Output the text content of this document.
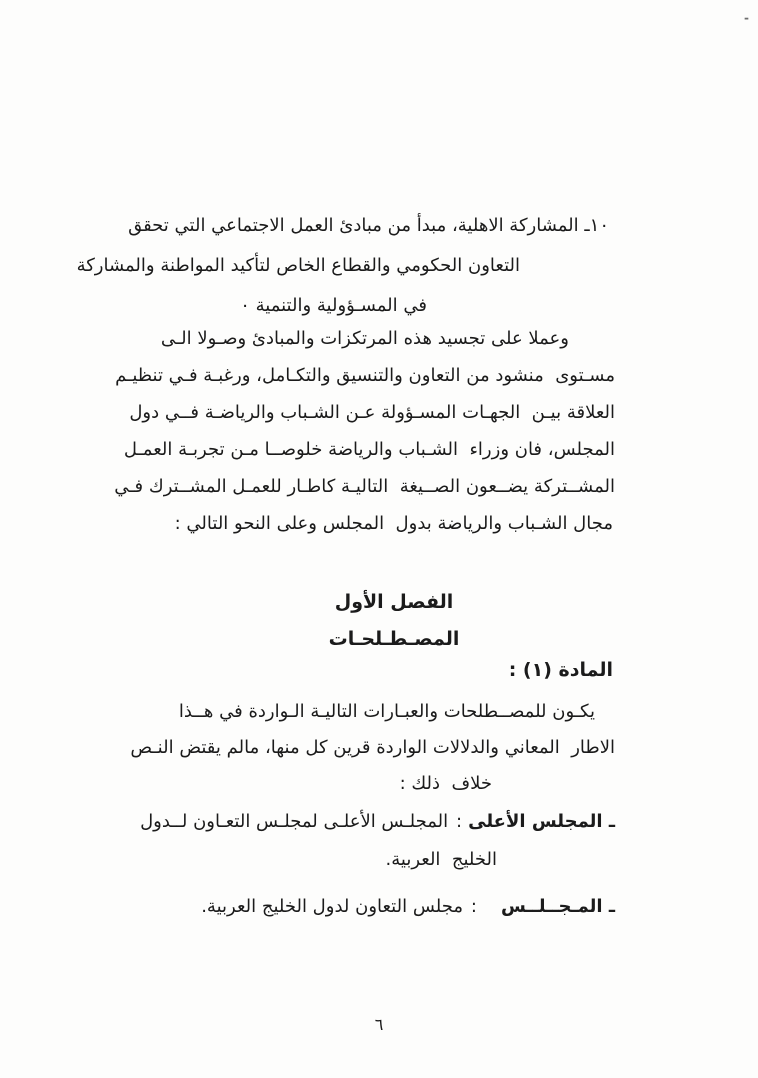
-
١٠ـ المشاركة الاهلية، مبدأ من مبادئ العمل الاجتماعي التي تحقق
التعاون الحكومي والقطاع الخاص لتأكيد المواطنة والمشاركة
في المسـؤولية والتنمية ٠
وعملا على تجسيد هذه المرتكزات والمبادئ وصـولا الـى
مسـتوى  منشود من التعاون والتنسيق والتكـامل، ورغبـة فـي تنظيـم
العلاقة بيـن  الجهـات المسـؤولة عـن الشـباب والرياضـة فــي دول
المجلس، فان وزراء  الشـباب والرياضة خلوصــا مـن تجربـة العمـل
المشــتركة يضــعون الصــيغة  التاليـة كاطـار للعمـل المشــترك فـي
مجال الشـباب والرياضة بدول  المجلس وعلى النحو التالي :
الفصل الأول
المصـطـلحـات
المادة (١) :
يكـون للمصــطلحات والعبـارات التاليـة الـواردة في هــذا
الاطار  المعاني والدلالات الواردة قرين كل منها، مالم يقتض النـص
خلاف  ذلك :
ـ المجلس الأعلى
:
المجلـس الأعلـى لمجلـس التعـاون لــدول
الخليج  العربية.
ـ المـجــلــس
:
مجلس التعاون لدول الخليج العربية.
٦
